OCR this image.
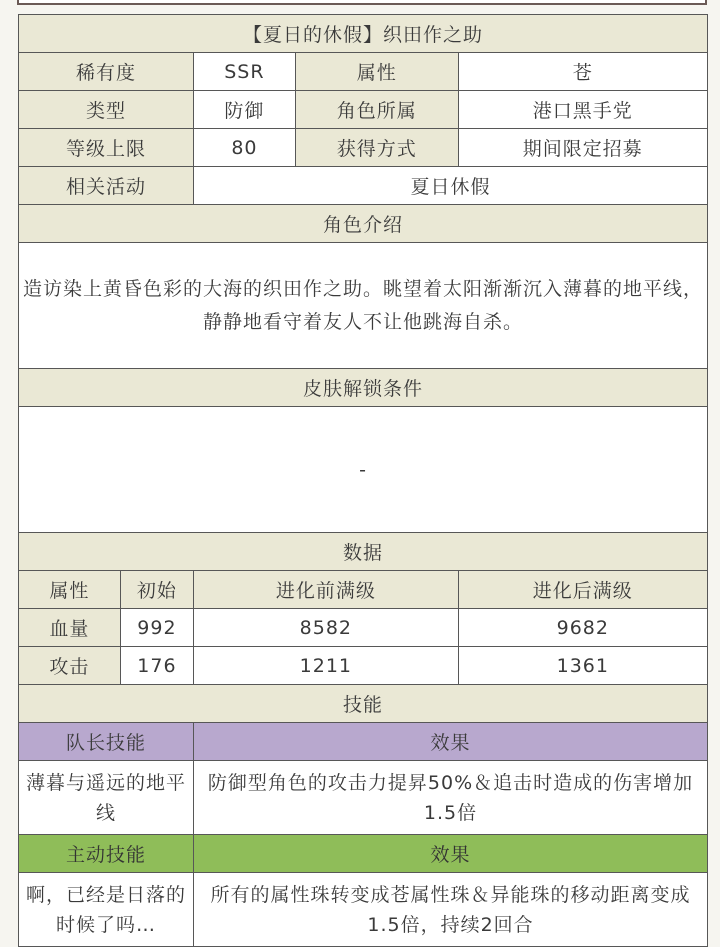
【夏日的休假】织田作之助				
稀有度		SSR	属性	苍
类型		防御	角色所属	港口黑手党
等级上限		80	获得方式	期间限定招募
相关活动		夏日休假		
角色介绍				
造访染上黄昏色彩的大海的织田作之助。眺望着太阳渐渐沉入薄暮的地平线，静静地看守着友人不让他跳海自杀。				
皮肤解锁条件				
-				
数据				
属性	初始	进化前满级		进化后满级
血量	992	8582		9682
攻击	176	1211		1361
技能				
队长技能		效果		
薄暮与遥远的地平线		防御型角色的攻击力提昇50%＆追击时造成的伤害增加1.5倍		
主动技能		效果		
啊，已经是日落的时候了吗…		所有的属性珠转变成苍属性珠＆异能珠的移动距离变成1.5倍，持续2回合		
